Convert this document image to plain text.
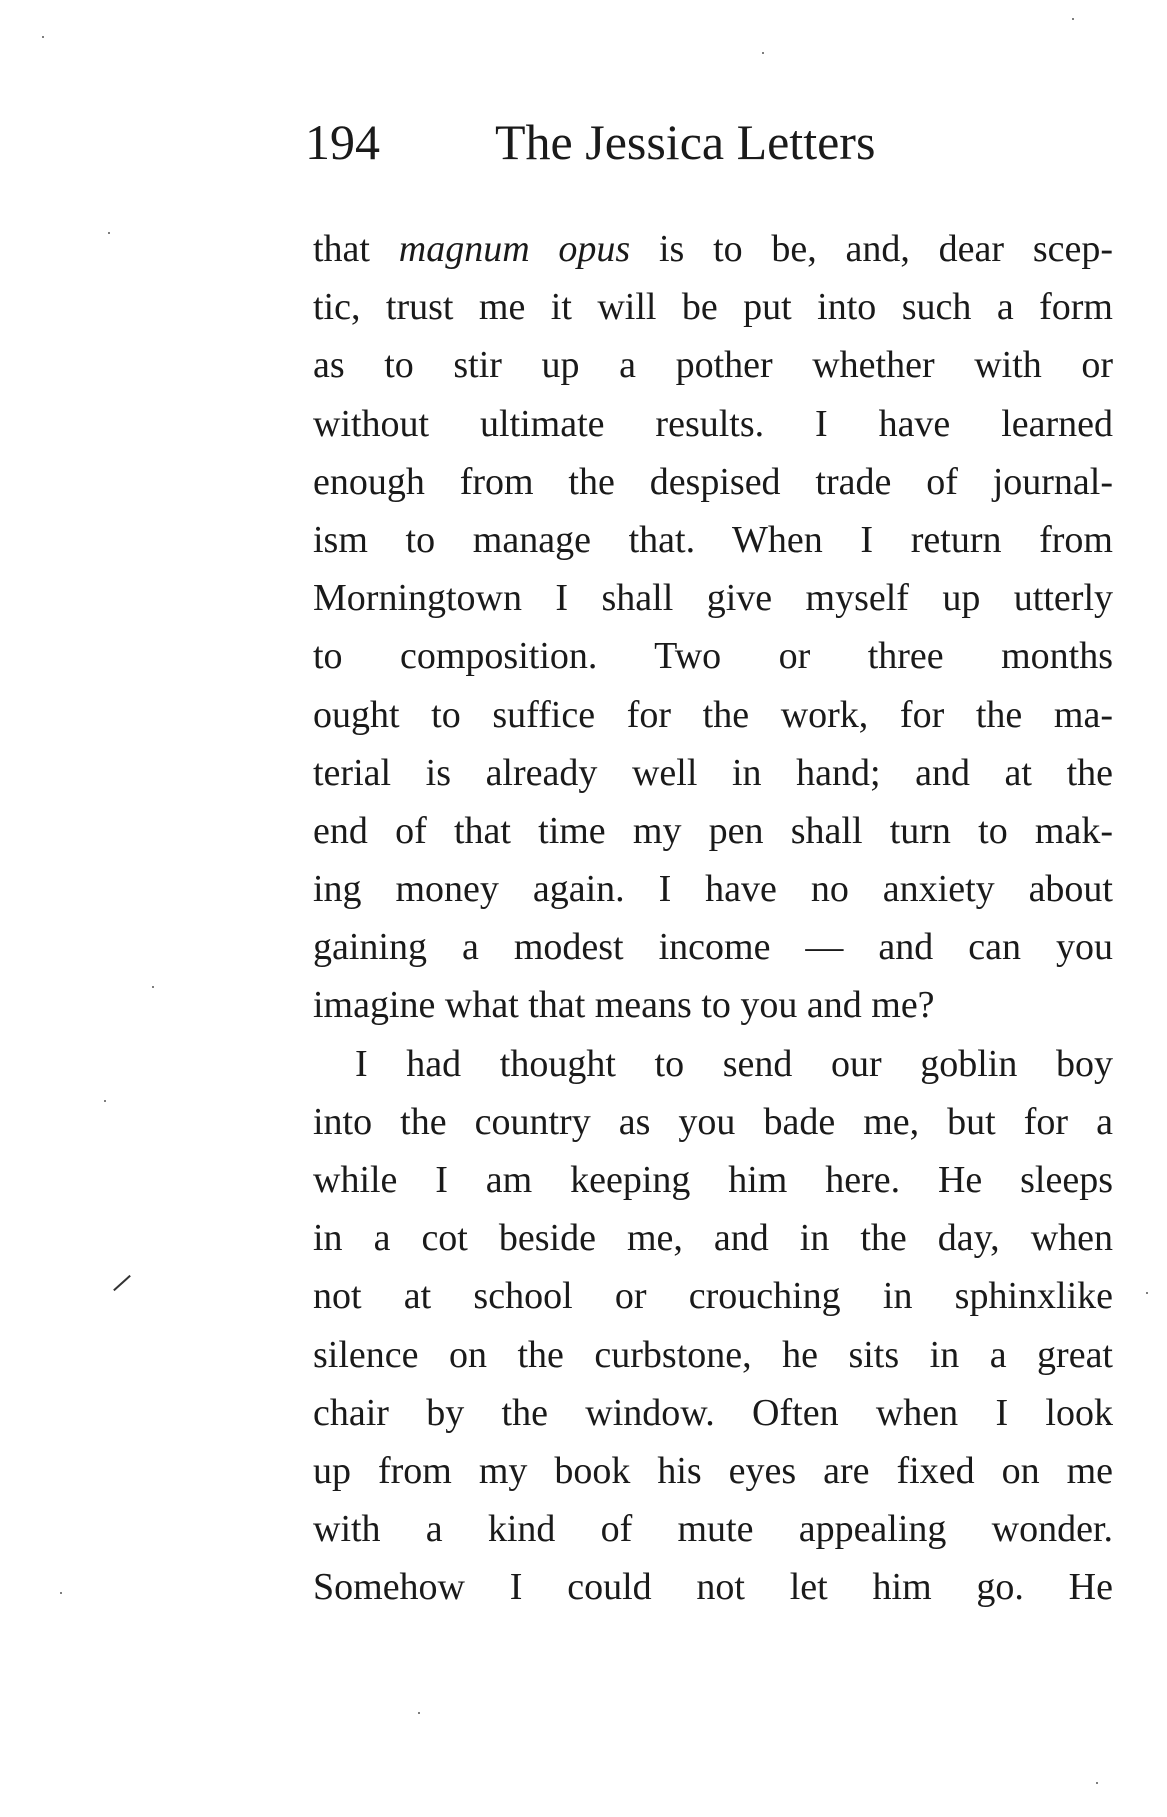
194 The Jessica Letters
that magnum opus is to be, and, dear scep-
tic, trust me it will be put into such a form
as to stir up a pother whether with or
without ultimate results. I have learned
enough from the despised trade of journal-
ism to manage that. When I return from
Morningtown I shall give myself up utterly
to composition. Two or three months
ought to suffice for the work, for the ma-
terial is already well in hand; and at the
end of that time my pen shall turn to mak-
ing money again. I have no anxiety about
gaining a modest income — and can you
imagine what that means to you and me?
I had thought to send our goblin boy
into the country as you bade me, but for a
while I am keeping him here. He sleeps
in a cot beside me, and in the day, when
not at school or crouching in sphinxlike
silence on the curbstone, he sits in a great
chair by the window. Often when I look
up from my book his eyes are fixed on me
with a kind of mute appealing wonder.
Somehow I could not let him go. He
